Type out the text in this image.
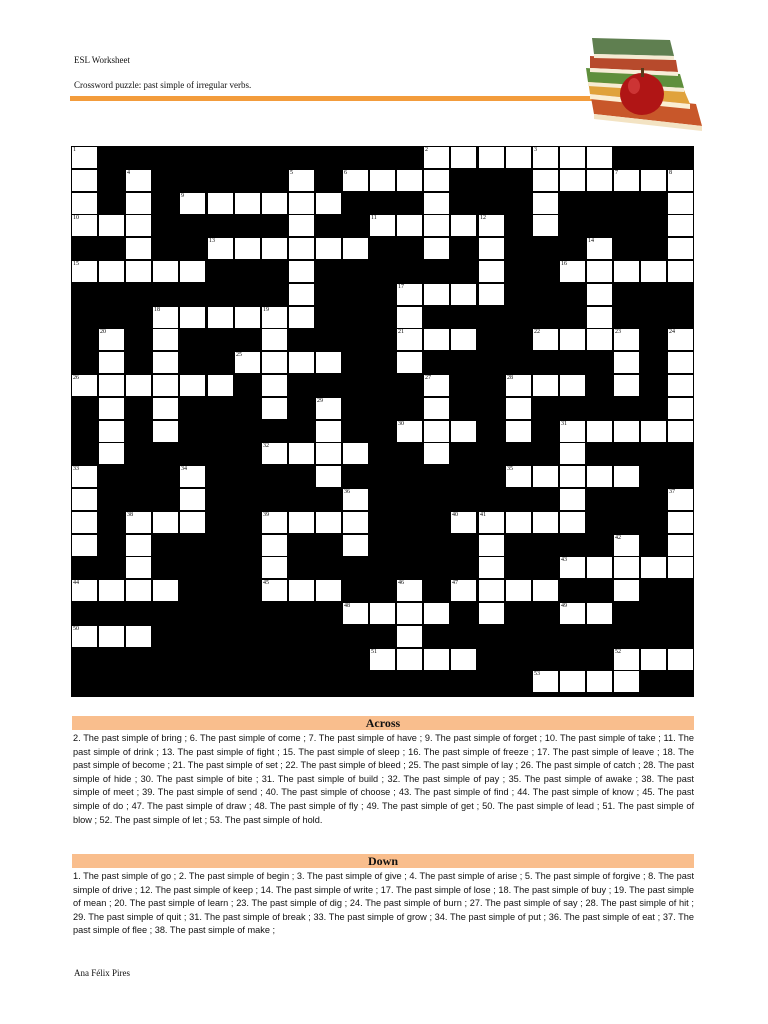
ESL Worksheet
Crossword puzzle: past simple of irregular verbs.
1	2	3
4	5	6	7	8
9
10	11	12
13	14
15	16
17
18	19
20	21	22	23	24
25
26	27	28
29
30	31
32
33	34	35
36	37
38	39	40	41
42
43
44	45	46	47
48	49
50
51	52
53
Across
2. The past simple of bring ; 6. The past simple of come ; 7. The past simple of have ; 9. The past simple of forget ; 10. The past simple of take ; 11. The past simple of drink ; 13. The past simple of fight ; 15. The past simple of sleep ; 16. The past simple of freeze ; 17. The past simple of leave ; 18. The past simple of become ; 21. The past simple of set ; 22. The past simple of bleed ; 25. The past simple of lay ; 26. The past simple of catch ; 28. The past simple of hide ; 30. The past simple of bite ; 31. The past simple of build ; 32. The past simple of pay ; 35. The past simple of awake ; 38. The past simple of meet ; 39. The past simple of send ; 40. The past simple of choose ; 43. The past simple of find ; 44. The past simple of know ; 45. The past simple of do ; 47. The past simple of draw ; 48. The past simple of fly ; 49. The past simple of get ; 50. The past simple of lead ; 51. The past simple of blow ; 52. The past simple of let ; 53. The past simple of hold.
Down
1. The past simple of go ; 2. The past simple of begin ; 3. The past simple of give ; 4. The past simple of arise ; 5. The past simple of forgive ; 8. The past simple of drive ; 12. The past simple of keep ; 14. The past simple of write ; 17. The past simple of lose ; 18. The past simple of buy ; 19. The past simple of mean ; 20. The past simple of learn ; 23. The past simple of dig ; 24. The past simple of burn ; 27. The past simple of say ; 28. The past simple of hit ; 29. The past simple of quit ; 31. The past simple of break ; 33. The past simple of grow ; 34. The past simple of put ; 36. The past simple of eat ; 37. The past simple of flee ; 38. The past simple of make ;
Ana Félix Pires
